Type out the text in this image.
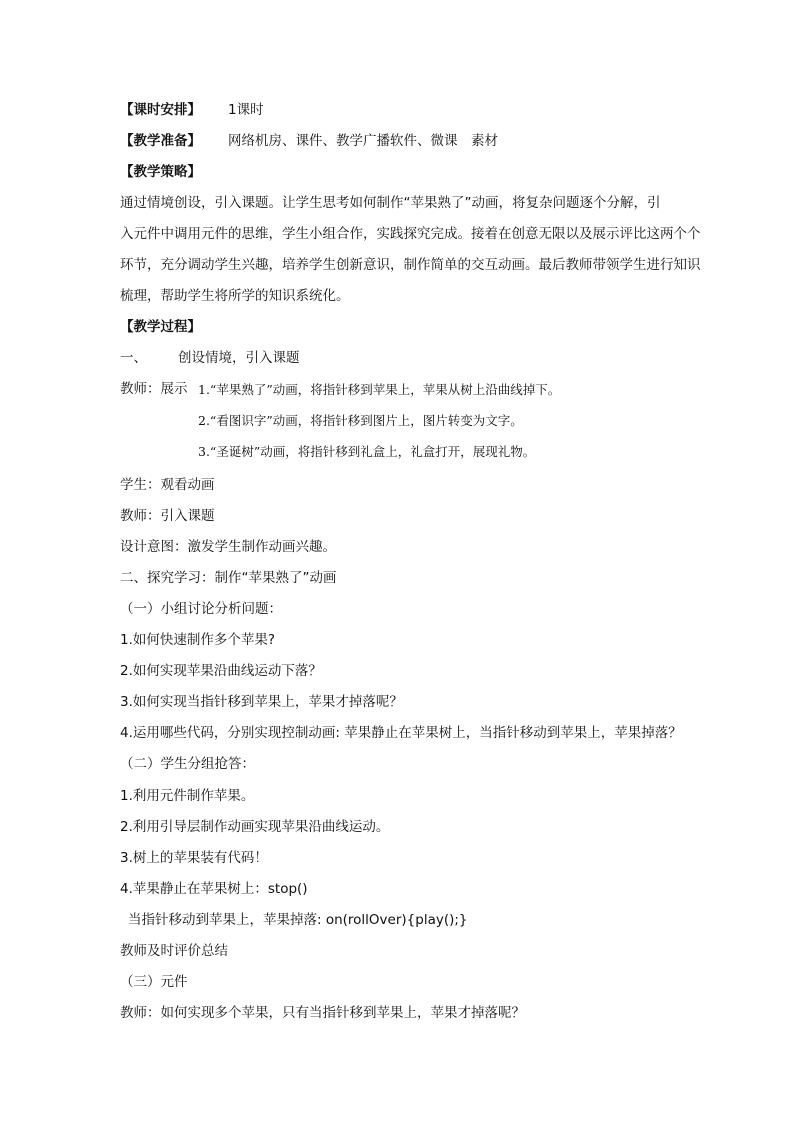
【课时安排】 1课时
【教学准备】 网络机房、课件、教学广播软件、微课　素材
【教学策略】
通过情境创设，引入课题。让学生思考如何制作“苹果熟了”动画，将复杂问题逐个分解，引
入元件中调用元件的思维，学生小组合作，实践探究完成。接着在创意无限以及展示评比这两个个
环节，充分调动学生兴趣，培养学生创新意识，制作简单的交互动画。最后教师带领学生进行知识
梳理，帮助学生将所学的知识系统化。
【教学过程】
一、 创设情境，引入课题
教师：展示 1.“苹果熟了”动画，将指针移到苹果上，苹果从树上沿曲线掉下。
2.“看图识字”动画，将指针移到图片上，图片转变为文字。
3.“圣诞树”动画，将指针移到礼盒上，礼盒打开，展现礼物。
学生：观看动画
教师：引入课题
设计意图：激发学生制作动画兴趣。
二、探究学习：制作“苹果熟了”动画
（一）小组讨论分析问题：
1.如何快速制作多个苹果?
2.如何实现苹果沿曲线运动下落？
3.如何实现当指针移到苹果上，苹果才掉落呢？
4.运用哪些代码，分别实现控制动画: 苹果静止在苹果树上，当指针移动到苹果上，苹果掉落？
（二）学生分组抢答：
1.利用元件制作苹果。
2.利用引导层制作动画实现苹果沿曲线运动。
3.树上的苹果装有代码！
4.苹果静止在苹果树上：stop()
当指针移动到苹果上，苹果掉落: on(rollOver){play();}
教师及时评价总结
（三）元件
教师：如何实现多个苹果，只有当指针移到苹果上，苹果才掉落呢？
